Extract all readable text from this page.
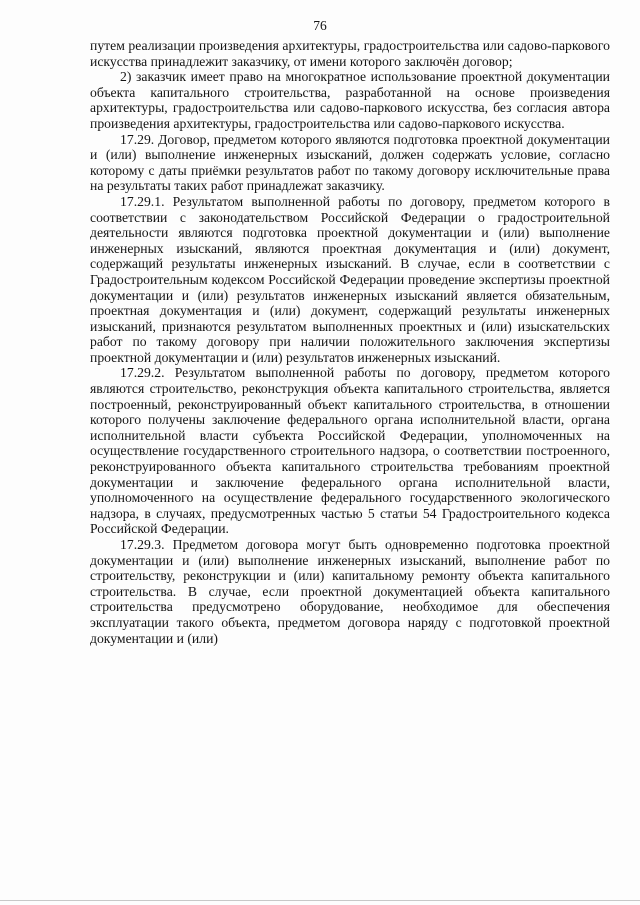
76

путем реализации произведения архитектуры, градостроительства или садово-паркового искусства принадлежит заказчику, от имени которого заключён договор;

2) заказчик имеет право на многократное использование проектной документации объекта капитального строительства, разработанной на основе произведения архитектуры, градостроительства или садово-паркового искусства, без согласия автора произведения архитектуры, градостроительства или садово-паркового искусства.

17.29. Договор, предметом которого являются подготовка проектной документации и (или) выполнение инженерных изысканий, должен содержать условие, согласно которому с даты приёмки результатов работ по такому договору исключительные права на результаты таких работ принадлежат заказчику.

17.29.1. Результатом выполненной работы по договору, предметом которого в соответствии с законодательством Российской Федерации о градостроительной деятельности являются подготовка проектной документации и (или) выполнение инженерных изысканий, являются проектная документация и (или) документ, содержащий результаты инженерных изысканий. В случае, если в соответствии с Градостроительным кодексом Российской Федерации проведение экспертизы проектной документации и (или) результатов инженерных изысканий является обязательным, проектная документация и (или) документ, содержащий результаты инженерных изысканий, признаются результатом выполненных проектных и (или) изыскательских работ по такому договору при наличии положительного заключения экспертизы проектной документации и (или) результатов инженерных изысканий.

17.29.2. Результатом выполненной работы по договору, предметом которого являются строительство, реконструкция объекта капитального строительства, является построенный, реконструированный объект капитального строительства, в отношении которого получены заключение федерального органа исполнительной власти, органа исполнительной власти субъекта Российской Федерации, уполномоченных на осуществление государственного строительного надзора, о соответствии построенного, реконструированного объекта капитального строительства требованиям проектной документации и заключение федерального органа исполнительной власти, уполномоченного на осуществление федерального государственного экологического надзора, в случаях, предусмотренных частью 5 статьи 54 Градостроительного кодекса Российской Федерации.

17.29.3. Предметом договора могут быть одновременно подготовка проектной документации и (или) выполнение инженерных изысканий, выполнение работ по строительству, реконструкции и (или) капитальному ремонту объекта капитального строительства. В случае, если проектной документацией объекта капитального строительства предусмотрено оборудование, необходимое для обеспечения эксплуатации такого объекта, предметом договора наряду с подготовкой проектной документации и (или)
